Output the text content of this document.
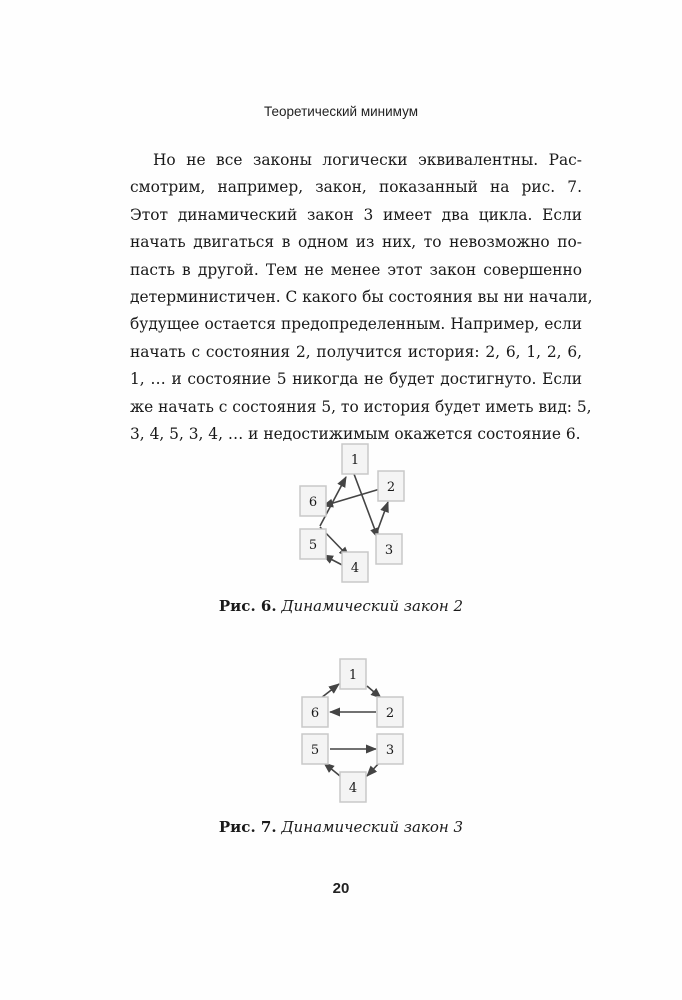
Теоретический минимум
Но не все законы логически эквивалентны. Рас-
смотрим, например, закон, показанный на рис. 7.
Этот динамический закон 3 имеет два цикла. Если
начать двигаться в одном из них, то невозможно по-
пасть в другой. Тем не менее этот закон совершенно
детерминистичен. С какого бы состояния вы ни начали,
будущее остается предопределенным. Например, если
начать с состояния 2, получится история: 2, 6, 1, 2, 6,
1, … и состояние 5 никогда не будет достигнуто. Если
же начать с состояния 5, то история будет иметь вид: 5,
3, 4, 5, 3, 4, … и недостижимым окажется состояние 6.
1
2
3
4
5
6
Рис. 6. Динамический закон 2
1
2
3
4
5
6
Рис. 7. Динамический закон 3
20
